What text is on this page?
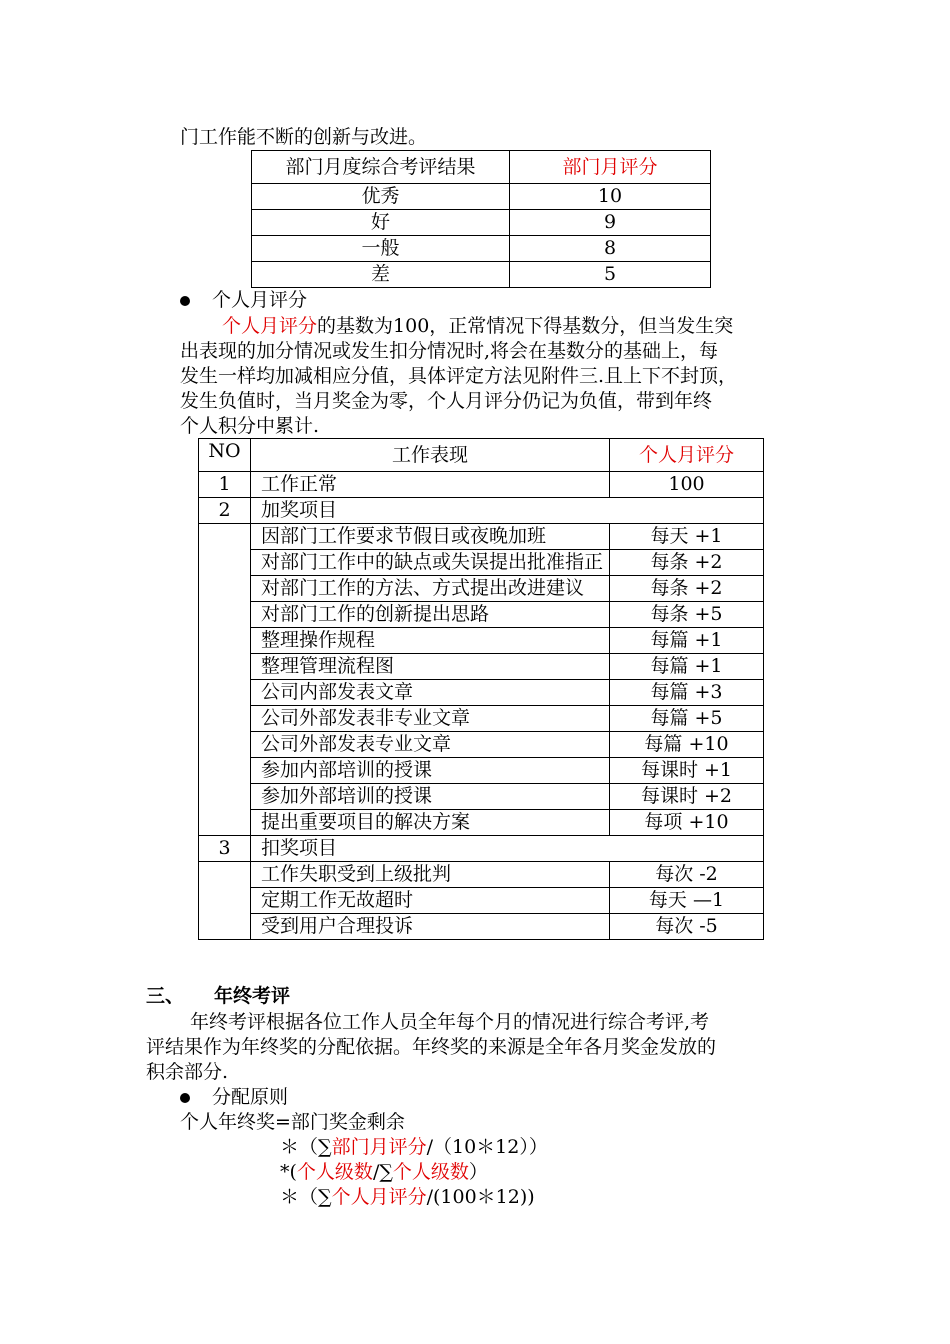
门工作能不断的创新与改进。
部门月度综合考评结果	部门月评分
优秀	10
好	9
一般	8
差	5
个人月评分
个人月评分的基数为100，正常情况下得基数分，但当发生突
出表现的加分情况或发生扣分情况时,将会在基数分的基础上，每
发生一样均加减相应分值，具体评定方法见附件三.且上下不封顶，
发生负值时，当月奖金为零，个人月评分仍记为负值，带到年终
个人积分中累计.
NO	工作表现	个人月评分
1	工作正常	100
2	加奖项目	
	因部门工作要求节假日或夜晚加班	每天 +1
	对部门工作中的缺点或失误提出批准指正	每条 +2
	对部门工作的方法、方式提出改进建议	每条 +2
	对部门工作的创新提出思路	每条 +5
	整理操作规程	每篇 +1
	整理管理流程图	每篇 +1
	公司内部发表文章	每篇 +3
	公司外部发表非专业文章	每篇 +5
	公司外部发表专业文章	每篇 +10
	参加内部培训的授课	每课时 +1
	参加外部培训的授课	每课时 +2
	提出重要项目的解决方案	每项 +10
3	扣奖项目	
	工作失职受到上级批判	每次 -2
	定期工作无故超时	每天 —1
	受到用户合理投诉	每次 -5
三、 年终考评
年终考评根据各位工作人员全年每个月的情况进行综合考评,考
评结果作为年终奖的分配依据。年终奖的来源是全年各月奖金发放的
积余部分.
分配原则
个人年终奖=部门奖金剩余
＊（∑部门月评分/（10＊12））
*(个人级数/∑个人级数）
＊（∑个人月评分/(100＊12))
